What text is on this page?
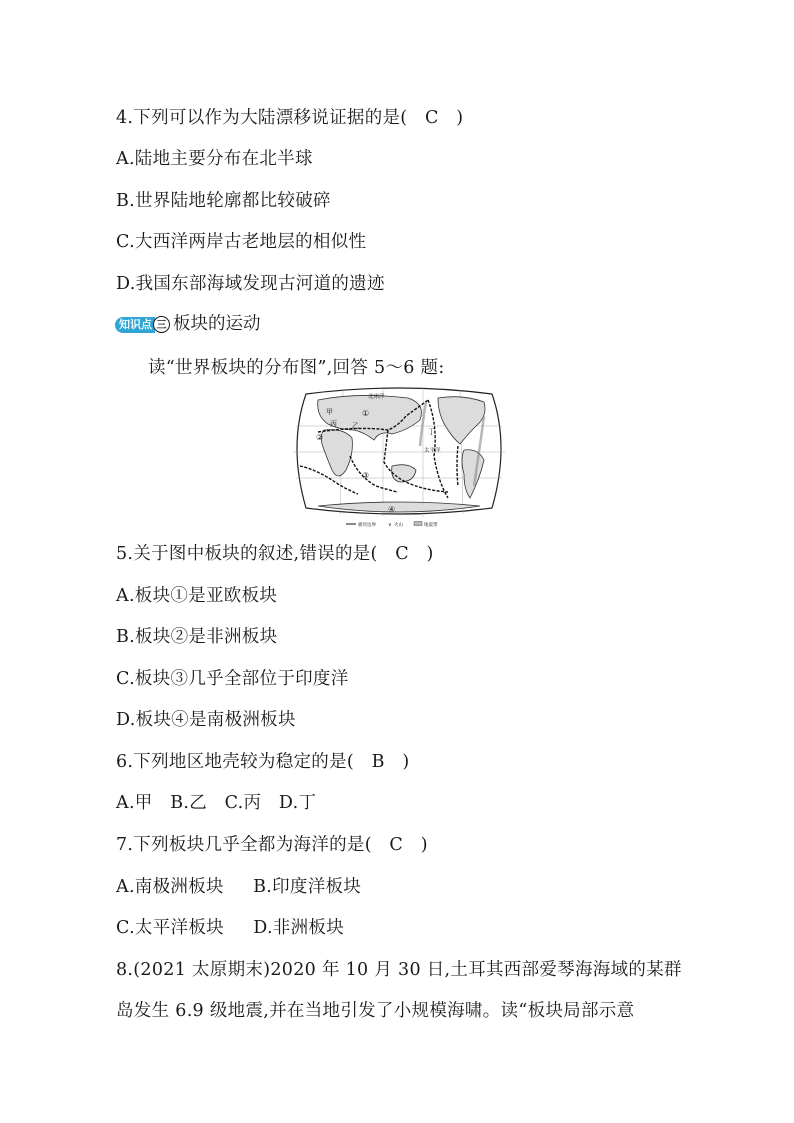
4.下列可以作为大陆漂移说证据的是(   C   )
A.陆地主要分布在北半球
B.世界陆地轮廓都比较破碎
C.大西洋两岸古老地层的相似性
D.我国东部海域发现古河道的遗迹
知识点 三 板块的运动
读“世界板块的分布图”,回答 5～6 题:
北冰洋
甲
乙
丙
丁
太平洋
①
②
③
④
板块边界 ∨ 火山	地震带
5.关于图中板块的叙述,错误的是(   C   )
A.板块①是亚欧板块
B.板块②是非洲板块
C.板块③几乎全部位于印度洋
D.板块④是南极洲板块
6.下列地区地壳较为稳定的是(   B   )
A.甲   B.乙   C.丙   D.丁
7.下列板块几乎全都为海洋的是(   C   )
A.南极洲板块     B.印度洋板块
C.太平洋板块     D.非洲板块
8.(2021 太原期末)2020 年 10 月 30 日,土耳其西部爱琴海海域的某群
岛发生 6.9 级地震,并在当地引发了小规模海啸。读“板块局部示意
